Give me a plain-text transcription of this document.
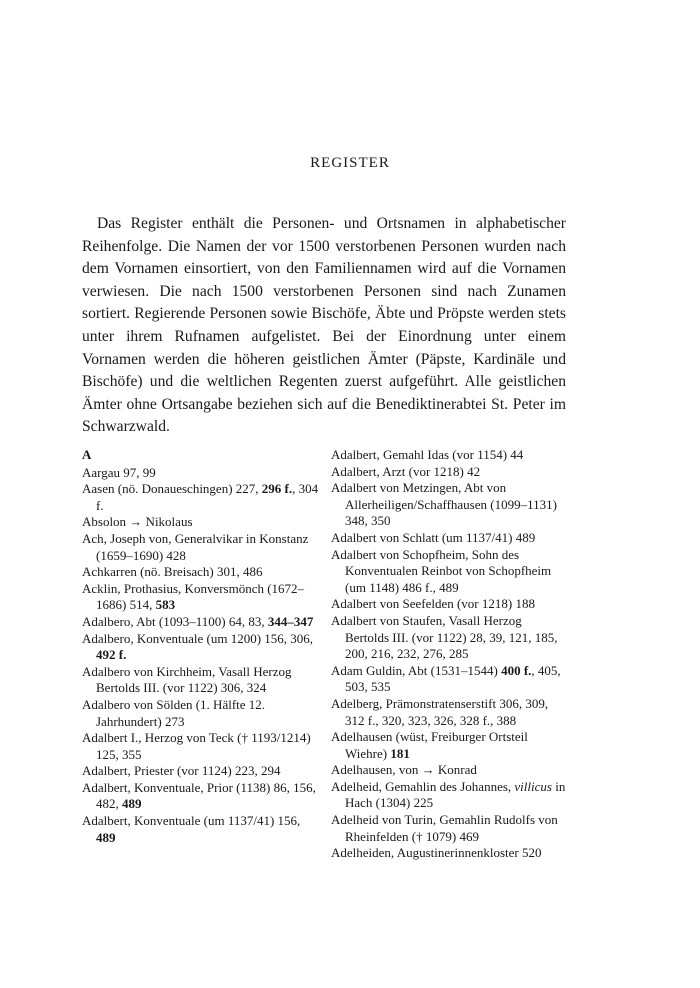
REGISTER

Das Register enthält die Personen- und Ortsnamen in alphabetischer Reihenfolge. Die Namen der vor 1500 verstorbenen Personen wurden nach dem Vornamen einsortiert, von den Familiennamen wird auf die Vornamen verwiesen. Die nach 1500 verstorbenen Personen sind nach Zunamen sortiert. Regierende Personen sowie Bischöfe, Äbte und Pröpste werden stets unter ihrem Rufnamen aufgelistet. Bei der Einordnung unter einem Vornamen werden die höheren geistlichen Ämter (Päpste, Kardinäle und Bischöfe) und die weltlichen Regenten zuerst aufgeführt. Alle geistlichen Ämter ohne Ortsangabe beziehen sich auf die Benediktinerabtei St. Peter im Schwarzwald.

A
Aargau 97, 99
Aasen (nö. Donaueschingen) 227, 296 f., 304 f.
Absolon → Nikolaus
Ach, Joseph von, Generalvikar in Konstanz (1659–1690) 428
Achkarren (nö. Breisach) 301, 486
Acklin, Prothasius, Konversmönch (1672–1686) 514, 583
Adalbero, Abt (1093–1100) 64, 83, 344–347
Adalbero, Konventuale (um 1200) 156, 306, 492 f.
Adalbero von Kirchheim, Vasall Herzog Bertolds III. (vor 1122) 306, 324
Adalbero von Sölden (1. Hälfte 12. Jahrhundert) 273
Adalbert I., Herzog von Teck († 1193/1214) 125, 355
Adalbert, Priester (vor 1124) 223, 294
Adalbert, Konventuale, Prior (1138) 86, 156, 482, 489
Adalbert, Konventuale (um 1137/41) 156, 489
Adalbert, Gemahl Idas (vor 1154) 44
Adalbert, Arzt (vor 1218) 42
Adalbert von Metzingen, Abt von Allerheiligen/Schaffhausen (1099–1131) 348, 350
Adalbert von Schlatt (um 1137/41) 489
Adalbert von Schopfheim, Sohn des Konventualen Reinbot von Schopfheim (um 1148) 486 f., 489
Adalbert von Seefelden (vor 1218) 188
Adalbert von Staufen, Vasall Herzog Bertolds III. (vor 1122) 28, 39, 121, 185, 200, 216, 232, 276, 285
Adam Guldin, Abt (1531–1544) 400 f., 405, 503, 535
Adelberg, Prämonstratenserstift 306, 309, 312 f., 320, 323, 326, 328 f., 388
Adelhausen (wüst, Freiburger Ortsteil Wiehre) 181
Adelhausen, von → Konrad
Adelheid, Gemahlin des Johannes, villicus in Hach (1304) 225
Adelheid von Turin, Gemahlin Rudolfs von Rheinfelden († 1079) 469
Adelheiden, Augustinerinnenkloster 520
